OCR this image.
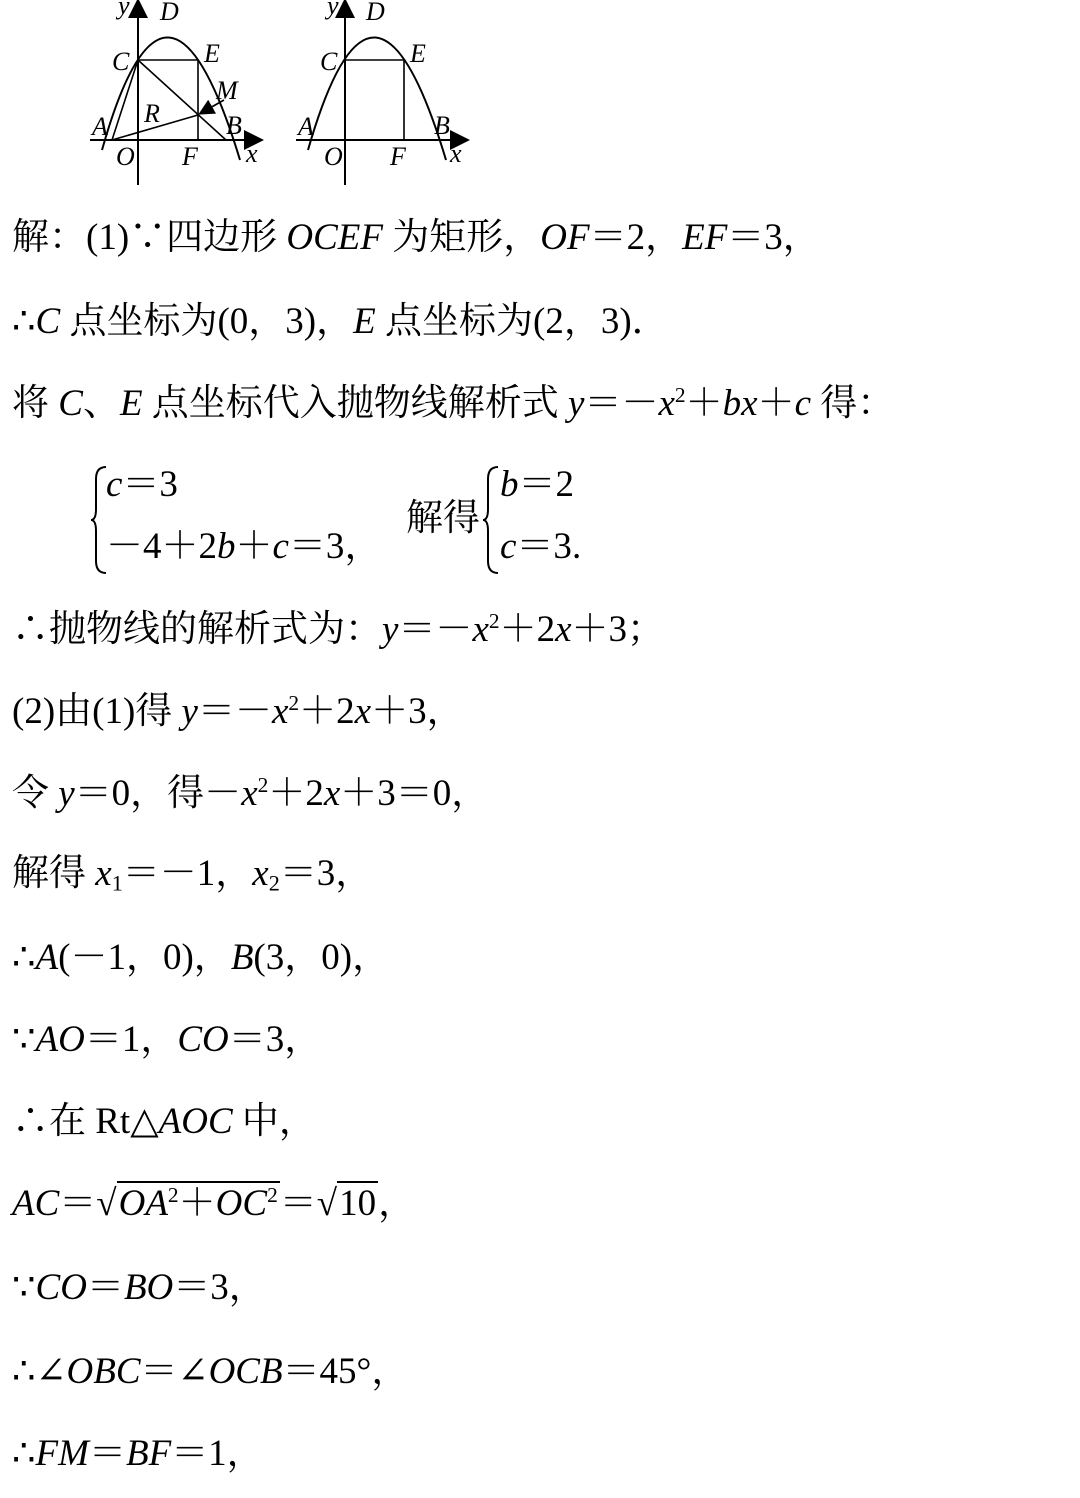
y D
C	E
M
R
A	B
O F x
y D
C	E
A	B
O F x
解：(1)∵四边形 OCEF 为矩形，OF＝2，EF＝3，
∴C 点坐标为(0，3)，E 点坐标为(2，3)．
将 C、E 点坐标代入抛物线解析式 $y=-x^2+bx+c$ 得：
c＝3
－4＋2b＋c＝3，
解得
b＝2
c＝3.
∴抛物线的解析式为：$y=-x^2+2x+3$；
(2)由(1)得 $y=-x^2+2x+3$，
令 y＝0，得$-x^2+2x+3=0$，
解得 $x_1=-1$，$x_2=3$，
∴A(－1，0)，B(3，0)，
∵AO＝1，CO＝3，
∴在 Rt△AOC 中，
$AC=√OA^2+OC^2=√10$，
∵CO＝BO＝3，
∴∠OBC＝∠OCB＝45°，
∴FM＝BF＝1，
